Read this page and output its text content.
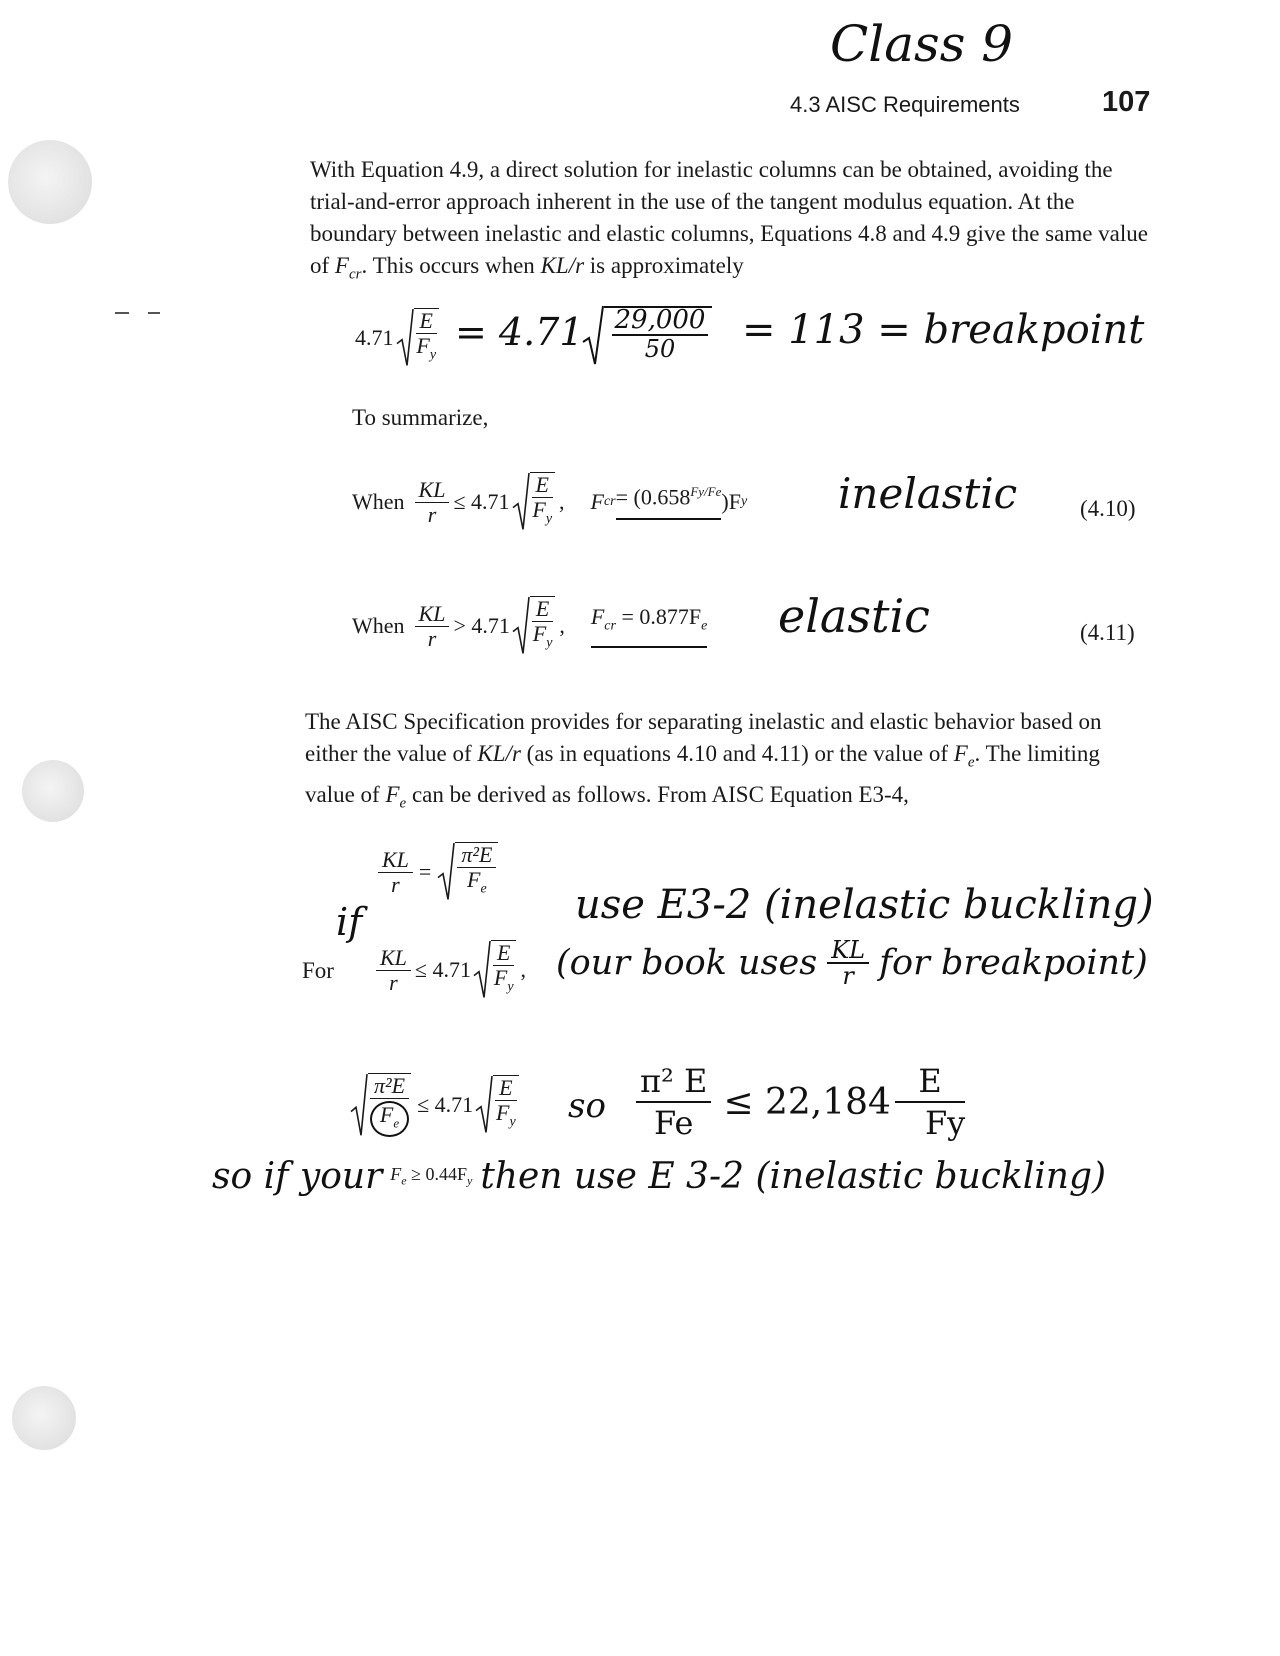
Class 9
4.3 AISC Requirements	107
With Equation 4.9, a direct solution for inelastic columns can be obtained, avoiding the trial-and-error approach inherent in the use of the tangent modulus equation. At the boundary between inelastic and elastic columns, Equations 4.8 and 4.9 give the same value of $F_{cr}$. This occurs when KL/r is approximately
$4.71 \frac{E}{F_y} = 4.71$ 29,000
50	= 113 = breakpoint
To summarize,
When $\frac{KL}{r} \le 4.71 \frac{E}{F_y}$ , F cr = ($0.658^{Fy/Fe}$ )F y inelastic	(4.10)
When $\frac{KL}{r} > 4.71 \frac{E}{F_y}$ , $F_{cr} = 0.877F_e$ elastic	(4.11)
The AISC Specification provides for separating inelastic and elastic behavior based on either the value of KL/r (as in equations 4.10 and 4.11) or the value of $F_e$. The limiting value of $F_e$ can be derived as follows. From AISC Equation E3-4,
$\frac{KL}{r} = \frac{\text{π²E}}{F_e}$
if
For $\frac{KL}{r} \le 4.71 \frac{E}{F_y}$ ,
use E3-2 (inelastic buckling)
(our book uses $\frac{KL}{r}$ for breakpoint)
$\frac{\text{π²E}}{F_e} \le 4.71 \frac{E}{F_y}$ so $\frac{\text{π² E}}{Fe} \le 22,184 \frac{E}{Fy}$
so if your $F_e \ge 0.44F_y$ then use E 3-2 (inelastic buckling)
